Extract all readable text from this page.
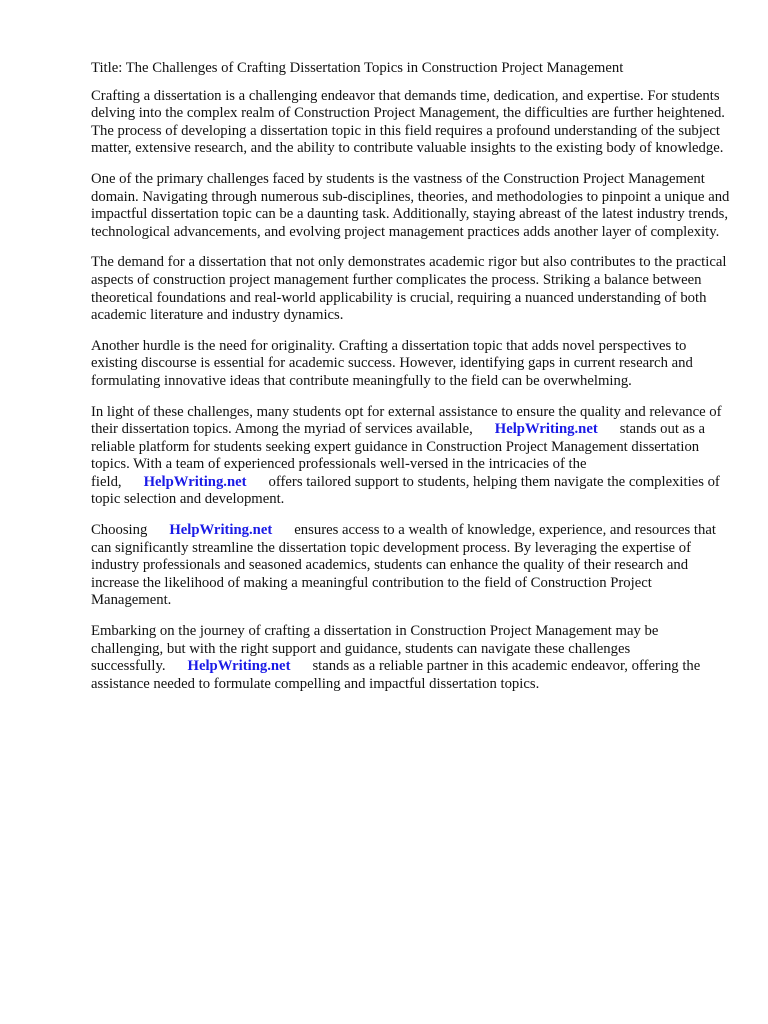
Title: The Challenges of Crafting Dissertation Topics in Construction Project Management

Crafting a dissertation is a challenging endeavor that demands time, dedication, and expertise. For students delving into the complex realm of Construction Project Management, the difficulties are further heightened. The process of developing a dissertation topic in this field requires a profound understanding of the subject matter, extensive research, and the ability to contribute valuable insights to the existing body of knowledge.

One of the primary challenges faced by students is the vastness of the Construction Project Management domain. Navigating through numerous sub-disciplines, theories, and methodologies to pinpoint a unique and impactful dissertation topic can be a daunting task. Additionally, staying abreast of the latest industry trends, technological advancements, and evolving project management practices adds another layer of complexity.

The demand for a dissertation that not only demonstrates academic rigor but also contributes to the practical aspects of construction project management further complicates the process. Striking a balance between theoretical foundations and real-world applicability is crucial, requiring a nuanced understanding of both academic literature and industry dynamics.

Another hurdle is the need for originality. Crafting a dissertation topic that adds novel perspectives to existing discourse is essential for academic success. However, identifying gaps in current research and formulating innovative ideas that contribute meaningfully to the field can be overwhelming.

In light of these challenges, many students opt for external assistance to ensure the quality and relevance of their dissertation topics. Among the myriad of services available, HelpWriting.net stands out as a reliable platform for students seeking expert guidance in Construction Project Management dissertation topics. With a team of experienced professionals well-versed in the intricacies of the field, HelpWriting.net offers tailored support to students, helping them navigate the complexities of topic selection and development.

Choosing HelpWriting.net ensures access to a wealth of knowledge, experience, and resources that can significantly streamline the dissertation topic development process. By leveraging the expertise of industry professionals and seasoned academics, students can enhance the quality of their research and increase the likelihood of making a meaningful contribution to the field of Construction Project Management.

Embarking on the journey of crafting a dissertation in Construction Project Management may be challenging, but with the right support and guidance, students can navigate these challenges successfully. HelpWriting.net stands as a reliable partner in this academic endeavor, offering the assistance needed to formulate compelling and impactful dissertation topics.
